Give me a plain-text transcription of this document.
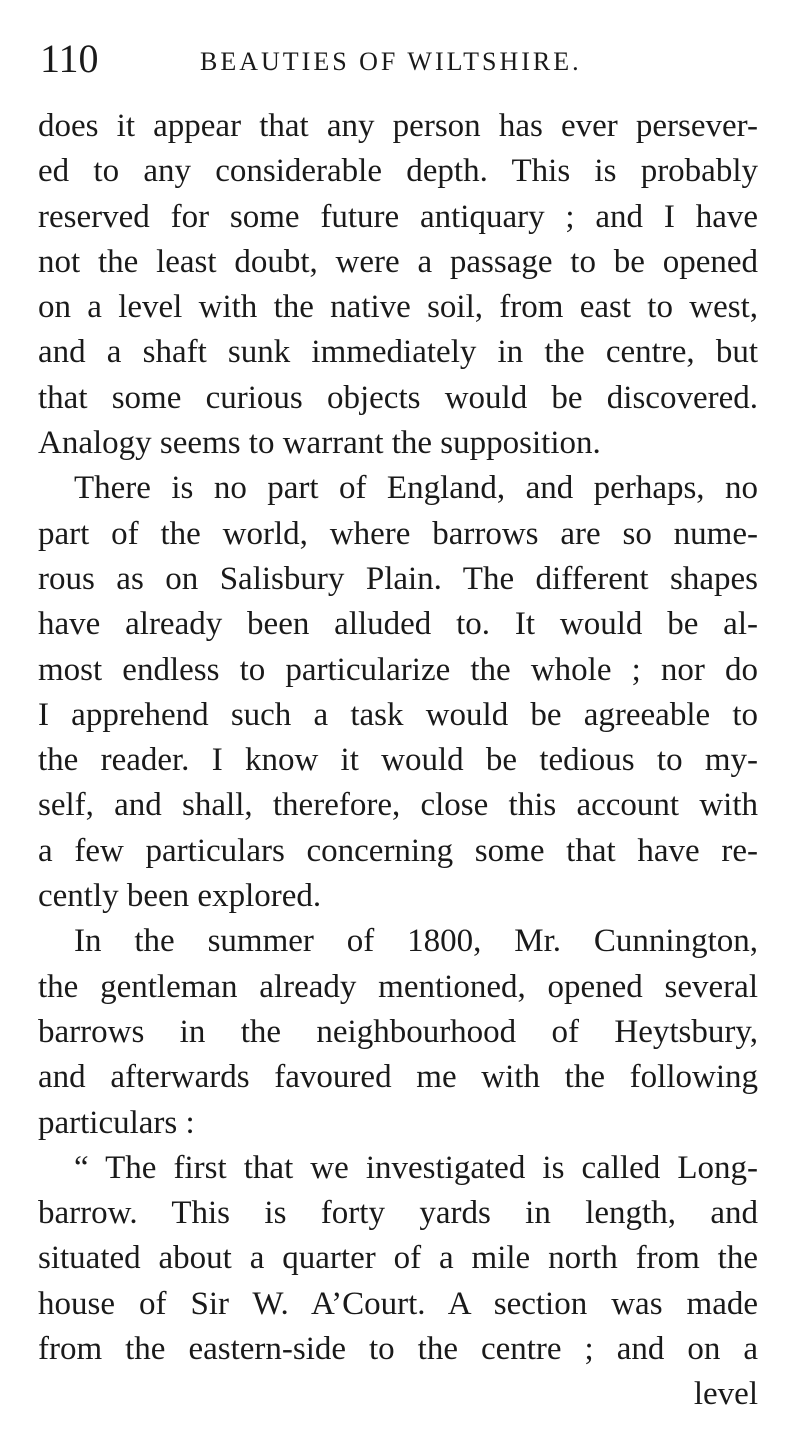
110	BEAUTIES OF WILTSHIRE.
does it appear that any person has ever persever-
ed to any considerable depth. This is probably
reserved for some future antiquary ; and I have
not the least doubt, were a passage to be opened
on a level with the native soil, from east to west,
and a shaft sunk immediately in the centre, but
that some curious objects would be discovered.
Analogy seems to warrant the supposition.
There is no part of England, and perhaps, no
part of the world, where barrows are so nume-
rous as on Salisbury Plain. The different shapes
have already been alluded to. It would be al-
most endless to particularize the whole ; nor do
I apprehend such a task would be agreeable to
the reader. I know it would be tedious to my-
self, and shall, therefore, close this account with
a few particulars concerning some that have re-
cently been explored.
In the summer of 1800, Mr. Cunnington,
the gentleman already mentioned, opened several
barrows in the neighbourhood of Heytsbury,
and afterwards favoured me with the following
particulars :
“ The first that we investigated is called Long-
barrow. This is forty yards in length, and
situated about a quarter of a mile north from the
house of Sir W. A’Court. A section was made
from the eastern-side to the centre ; and on a
level
